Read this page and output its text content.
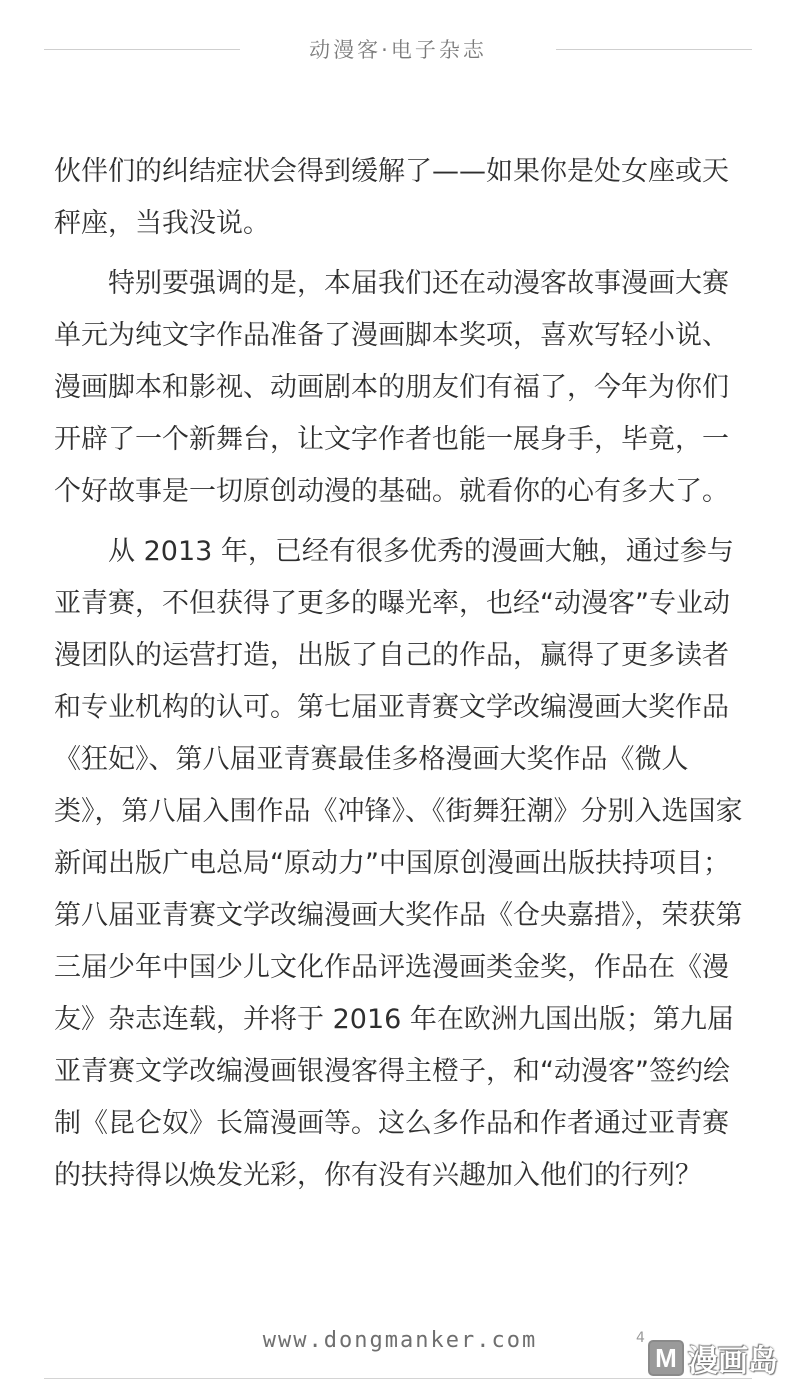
动漫客·电子杂志

伙伴们的纠结症状会得到缓解了——如果你是处女座或天秤座，当我没说。

特别要强调的是，本届我们还在动漫客故事漫画大赛单元为纯文字作品准备了漫画脚本奖项，喜欢写轻小说、漫画脚本和影视、动画剧本的朋友们有福了，今年为你们开辟了一个新舞台，让文字作者也能一展身手，毕竟，一个好故事是一切原创动漫的基础。就看你的心有多大了。

从 2013 年，已经有很多优秀的漫画大触，通过参与亚青赛，不但获得了更多的曝光率，也经“动漫客”专业动漫团队的运营打造，出版了自己的作品，赢得了更多读者和专业机构的认可。第七届亚青赛文学改编漫画大奖作品《狂妃》、第八届亚青赛最佳多格漫画大奖作品《微人类》，第八届入围作品《冲锋》、《街舞狂潮》分别入选国家新闻出版广电总局“原动力”中国原创漫画出版扶持项目；第八届亚青赛文学改编漫画大奖作品《仓央嘉措》，荣获第三届少年中国少儿文化作品评选漫画类金奖，作品在《漫友》杂志连载，并将于 2016 年在欧洲九国出版；第九届亚青赛文学改编漫画银漫客得主橙子，和“动漫客”签约绘制《昆仑奴》长篇漫画等。这么多作品和作者通过亚青赛的扶持得以焕发光彩，你有没有兴趣加入他们的行列？

www.dongmanker.com	4
M 漫画岛
